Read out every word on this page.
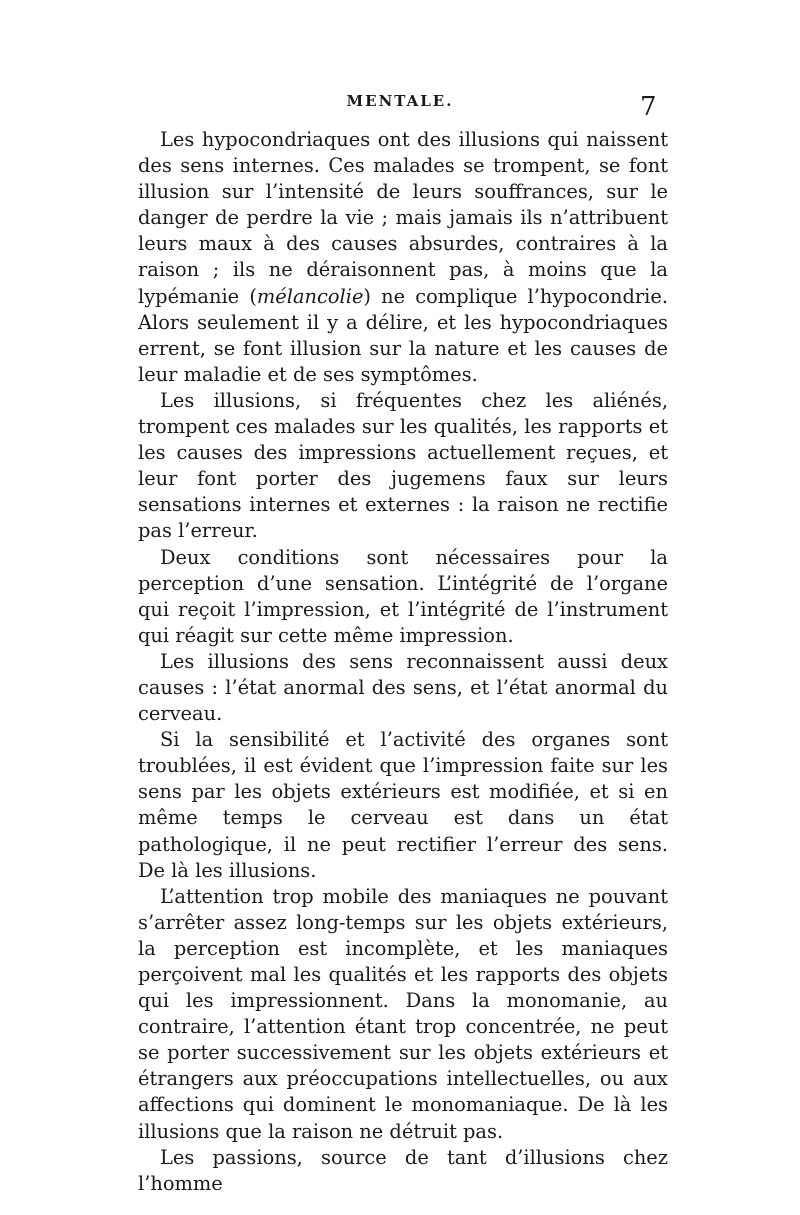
MENTALE.	7

Les hypocondriaques ont des illusions qui naissent des sens internes. Ces malades se trompent, se font illusion sur l’intensité de leurs souffrances, sur le danger de perdre la vie ; mais jamais ils n’attribuent leurs maux à des causes absurdes, contraires à la raison ; ils ne déraisonnent pas, à moins que la lypémanie (mélancolie) ne complique l’hypocondrie. Alors seulement il y a délire, et les hypocondriaques errent, se font illusion sur la nature et les causes de leur maladie et de ses symptômes.

Les illusions, si fréquentes chez les aliénés, trompent ces malades sur les qualités, les rapports et les causes des impressions actuellement reçues, et leur font porter des jugemens faux sur leurs sensations internes et externes : la raison ne rectifie pas l’erreur.

Deux conditions sont nécessaires pour la perception d’une sensation. L’intégrité de l’organe qui reçoit l’impression, et l’intégrité de l’instrument qui réagit sur cette même impression.

Les illusions des sens reconnaissent aussi deux causes : l’état anormal des sens, et l’état anormal du cerveau.

Si la sensibilité et l’activité des organes sont troublées, il est évident que l’impression faite sur les sens par les objets extérieurs est modifiée, et si en même temps le cerveau est dans un état pathologique, il ne peut rectifier l’erreur des sens. De là les illusions.

L’attention trop mobile des maniaques ne pouvant s’arrêter assez long-temps sur les objets extérieurs, la perception est incomplète, et les maniaques perçoivent mal les qualités et les rapports des objets qui les impressionnent. Dans la monomanie, au contraire, l’attention étant trop concentrée, ne peut se porter successivement sur les objets extérieurs et étrangers aux préoccupations intellectuelles, ou aux affections qui dominent le monomaniaque. De là les illusions que la raison ne détruit pas.

Les passions, source de tant d’illusions chez l’homme
